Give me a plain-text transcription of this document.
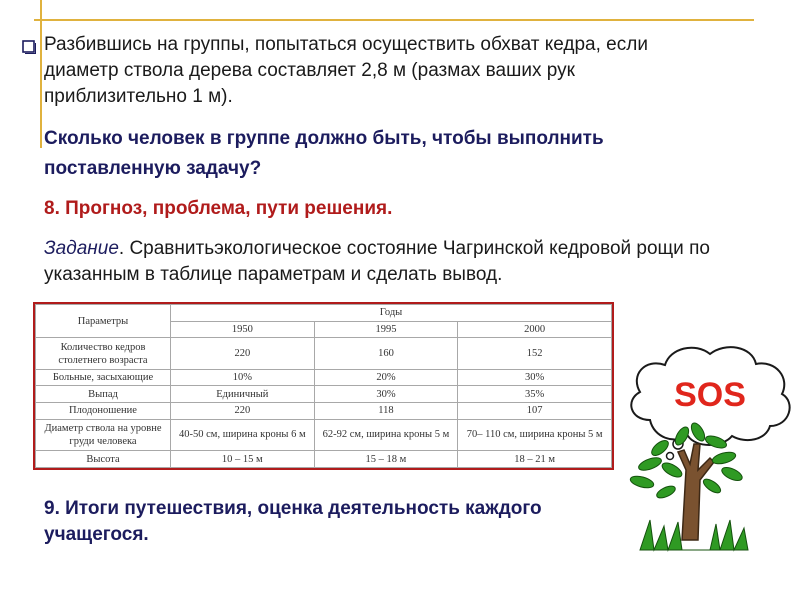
Разбившись на группы, попытаться осуществить обхват кедра, если
диаметр ствола дерева составляет 2,8 м (размах ваших рук
приблизительно 1 м).

Сколько человек в группе должно быть, чтобы выполнить поставленную задачу?

8. Прогноз, проблема, пути решения.

Задание. Сравнитьэкологическое состояние Чагринской кедровой рощи по указанным в таблице параметрам и сделать вывод.

Параметры	Годы		
	1950	1995	2000
Количество кедров столетнего возраста	220	160	152
Больные, засыхающие	10%	20%	30%
Выпад	Единичный	30%	35%
Плодоношение	220	118	107
Диаметр ствола на уровне груди человека	40-50 см, ширина кроны 6 м	62-92 см, ширина кроны 5 м	70– 110 см, ширина кроны 5 м
Высота	10 – 15 м	15 – 18 м	18 – 21 м

9. Итоги путешествия, оценка деятельность каждого учащегося.

SOS
